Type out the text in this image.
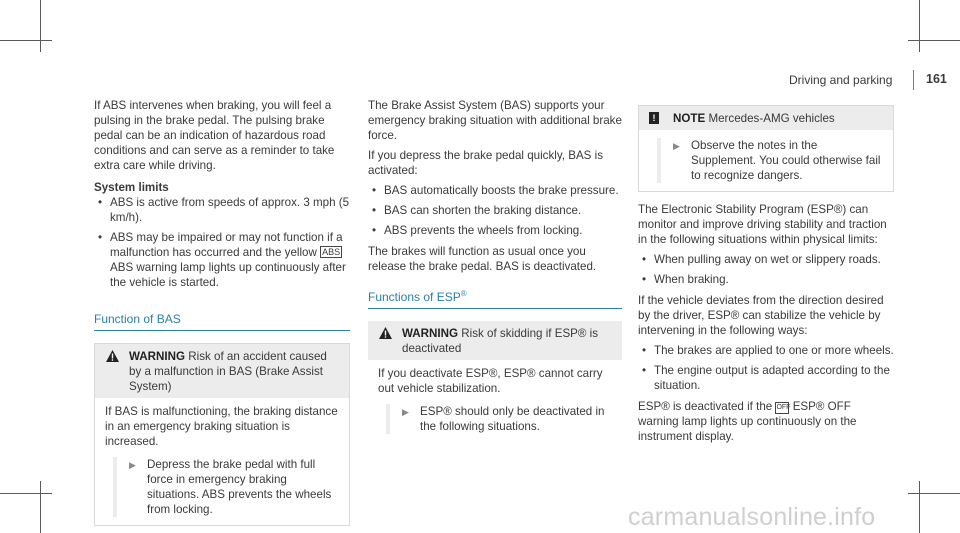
Driving and parking	161

If ABS intervenes when braking, you will feel a pulsing in the brake pedal. The pulsing brake pedal can be an indication of hazardous road conditions and can serve as a reminder to take extra care while driving.

System limits
• ABS is active from speeds of approx. 3 mph (5 km/h).
• ABS may be impaired or may not function if a malfunction has occurred and the yellow ABS ABS warning lamp lights up continuously after the vehicle is started.
Function of BAS
WARNING Risk of an accident caused by a malfunction in BAS (Brake Assist System)
If BAS is malfunctioning, the braking distance in an emergency braking situation is increased.
▶ Depress the brake pedal with full force in emergency braking situations. ABS prevents the wheels from locking.

The Brake Assist System (BAS) supports your emergency braking situation with additional brake force.

If you depress the brake pedal quickly, BAS is activated:

• BAS automatically boosts the brake pressure.
• BAS can shorten the braking distance.
• ABS prevents the wheels from locking.

The brakes will function as usual once you release the brake pedal. BAS is deactivated.

Functions of ESP®
WARNING Risk of skidding if ESP® is deactivated
If you deactivate ESP®, ESP® cannot carry out vehicle stabilization.
▶ ESP® should only be deactivated in the following situations.
!	NOTE Mercedes-AMG vehicles
▶ Observe the notes in the Supplement. You could otherwise fail to recognize dangers.

The Electronic Stability Program (ESP®) can monitor and improve driving stability and traction in the following situations within physical limits:

• When pulling away on wet or slippery roads.
• When braking.

If the vehicle deviates from the direction desired by the driver, ESP® can stabilize the vehicle by intervening in the following ways:

• The brakes are applied to one or more wheels.
• The engine output is adapted according to the situation.

ESP® is deactivated if the OFF ESP® OFF warning lamp lights up continuously on the instrument display.

carmanualsonline.info
